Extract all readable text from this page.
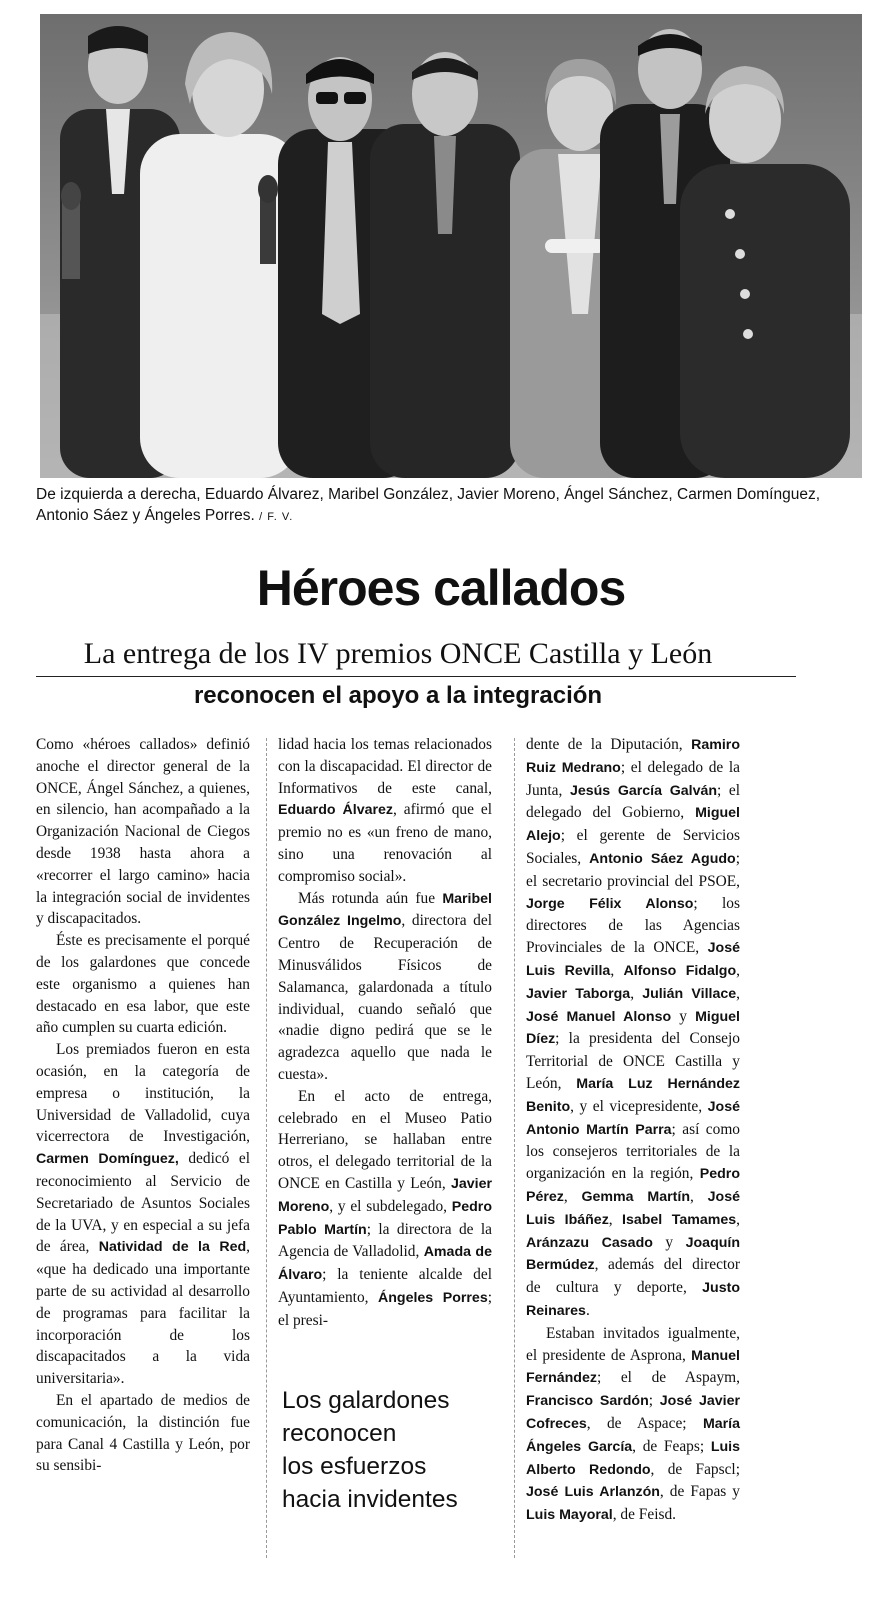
De izquierda a derecha, Eduardo Álvarez, Maribel González, Javier Moreno, Ángel Sánchez, Carmen Domínguez, Antonio Sáez y Ángeles Porres. / F. V.
Héroes callados
La entrega de los IV premios ONCE Castilla y León
reconocen el apoyo a la integración

Como «héroes callados» definió anoche el director general de la ONCE, Ángel Sánchez, a quienes, en silencio, han acompañado a la Organización Nacional de Ciegos desde 1938 hasta ahora a «recorrer el largo camino» hacia la integración social de invidentes y discapacitados.

Éste es precisamente el porqué de los galardones que concede este organismo a quienes han destacado en esa labor, que este año cumplen su cuarta edición.

Los premiados fueron en esta ocasión, en la categoría de empresa o institución, la Universidad de Valladolid, cuya vicerrectora de Investigación, Carmen Domínguez, dedicó el reconocimiento al Servicio de Secretariado de Asuntos Sociales de la UVA, y en especial a su jefa de área, Natividad de la Red, «que ha dedicado una importante parte de su actividad al desarrollo de programas para facilitar la incorporación de los discapacitados a la vida universitaria».

En el apartado de medios de comunicación, la distinción fue para Canal 4 Castilla y León, por su sensibi-

lidad hacia los temas relacionados con la discapacidad. El director de Informativos de este canal, Eduardo Álvarez, afirmó que el premio no es «un freno de mano, sino una renovación al compromiso social».

Más rotunda aún fue Maribel González Ingelmo, directora del Centro de Recuperación de Minusválidos Físicos de Salamanca, galardonada a título individual, cuando señaló que «nadie digno pedirá que se le agradezca aquello que nada le cuesta».

En el acto de entrega, celebrado en el Museo Patio Herreriano, se hallaban entre otros, el delegado territorial de la ONCE en Castilla y León, Javier Moreno, y el subdelegado, Pedro Pablo Martín; la directora de la Agencia de Valladolid, Amada de Álvaro; la teniente alcalde del Ayuntamiento, Ángeles Porres; el presi-

dente de la Diputación, Ramiro Ruiz Medrano; el delegado de la Junta, Jesús García Galván; el delegado del Gobierno, Miguel Alejo; el gerente de Servicios Sociales, Antonio Sáez Agudo; el secretario provincial del PSOE, Jorge Félix Alonso; los directores de las Agencias Provinciales de la ONCE, José Luis Revilla, Alfonso Fidalgo, Javier Taborga, Julián Villace, José Manuel Alonso y Miguel Díez; la presidenta del Consejo Territorial de ONCE Castilla y León, María Luz Hernández Benito, y el vicepresidente, José Antonio Martín Parra; así como los consejeros territoriales de la organización en la región, Pedro Pérez, Gemma Martín, José Luis Ibáñez, Isabel Tamames, Aránzazu Casado y Joaquín Bermúdez, además del director de cultura y deporte, Justo Reinares.

Estaban invitados igualmente, el presidente de Asprona, Manuel Fernández; el de Aspaym, Francisco Sardón; José Javier Cofreces, de Aspace; María Ángeles García, de Feaps; Luis Alberto Redondo, de Fapscl; José Luis Arlanzón, de Fapas y Luis Mayoral, de Feisd.

Los galardones
reconocen
los esfuerzos
hacia invidentes
